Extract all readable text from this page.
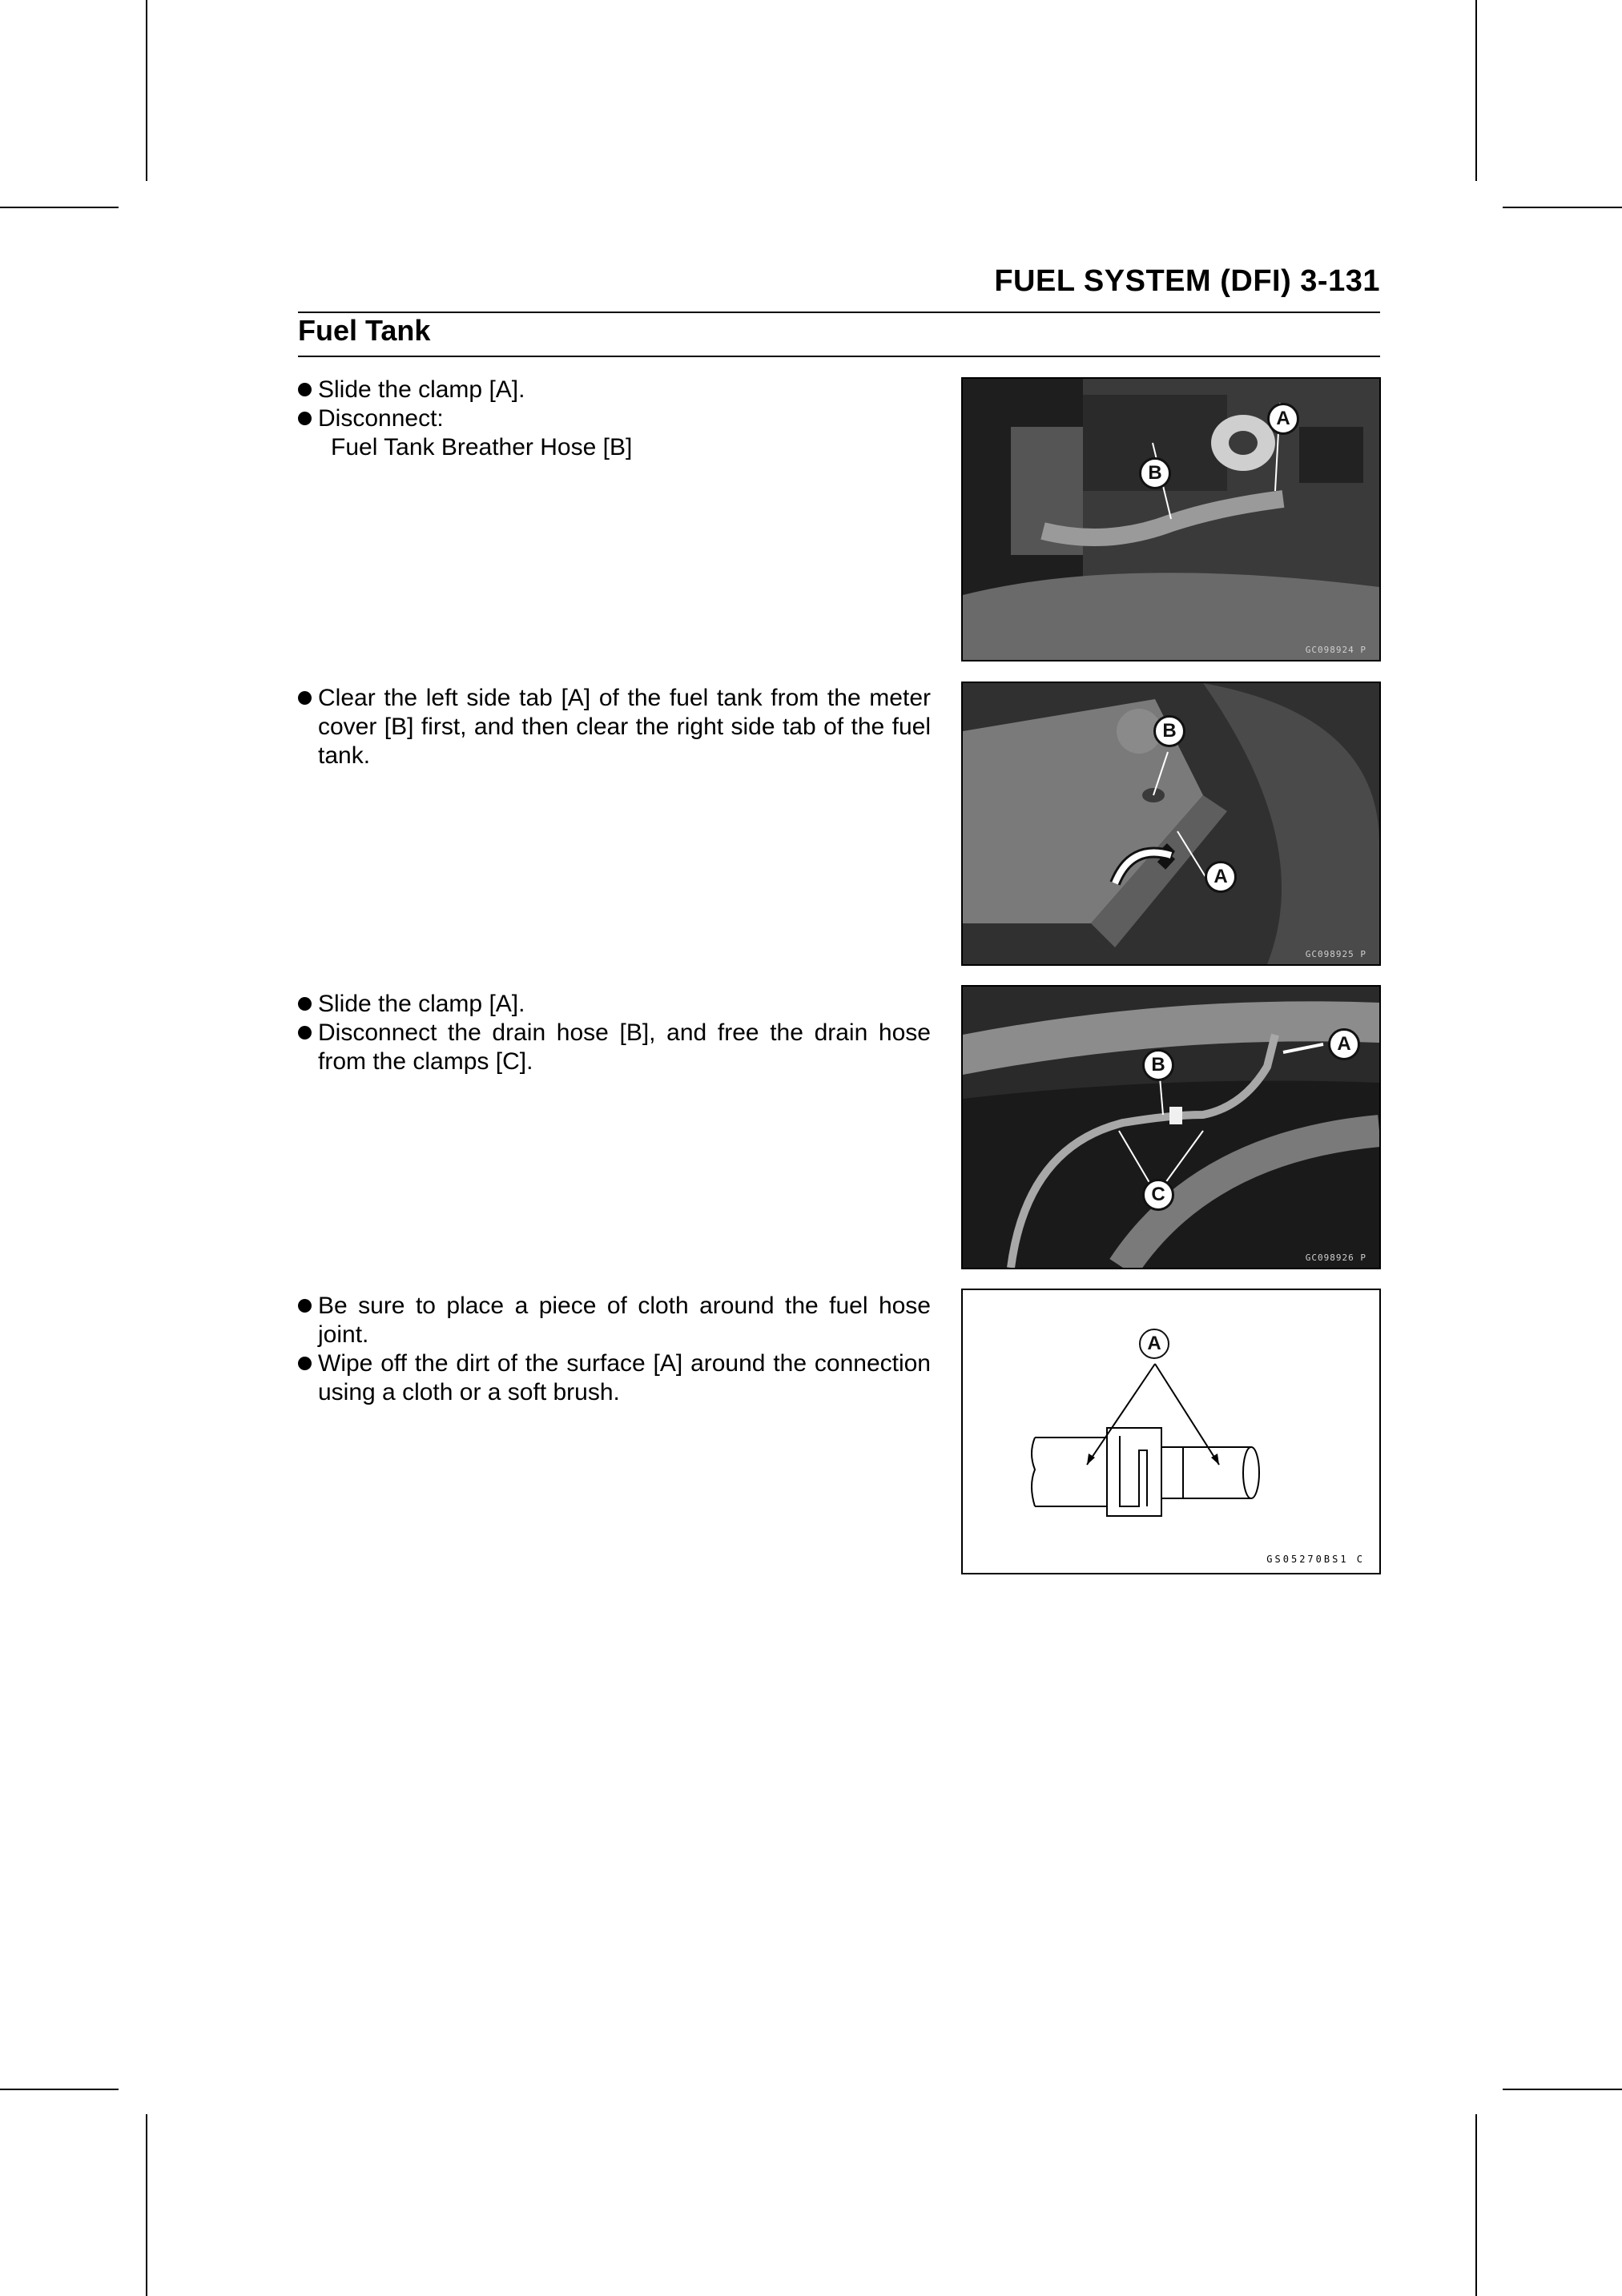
FUEL SYSTEM (DFI) 3-131
Fuel Tank
Slide the clamp [A].
Disconnect:
Fuel Tank Breather Hose [B]
A
B
GC098924 P
Clear the left side tab [A] of the fuel tank from the meter cover [B] first, and then clear the right side tab of the fuel tank.
B
A
GC098925 P
Slide the clamp [A].
Disconnect the drain hose [B], and free the drain hose from the clamps [C].	B
A
C
GC098926 P
Be sure to place a piece of cloth around the fuel hose joint.
Wipe off the dirt of the surface [A] around the connection using a cloth or a soft brush.
A
GS05270BS1 C
